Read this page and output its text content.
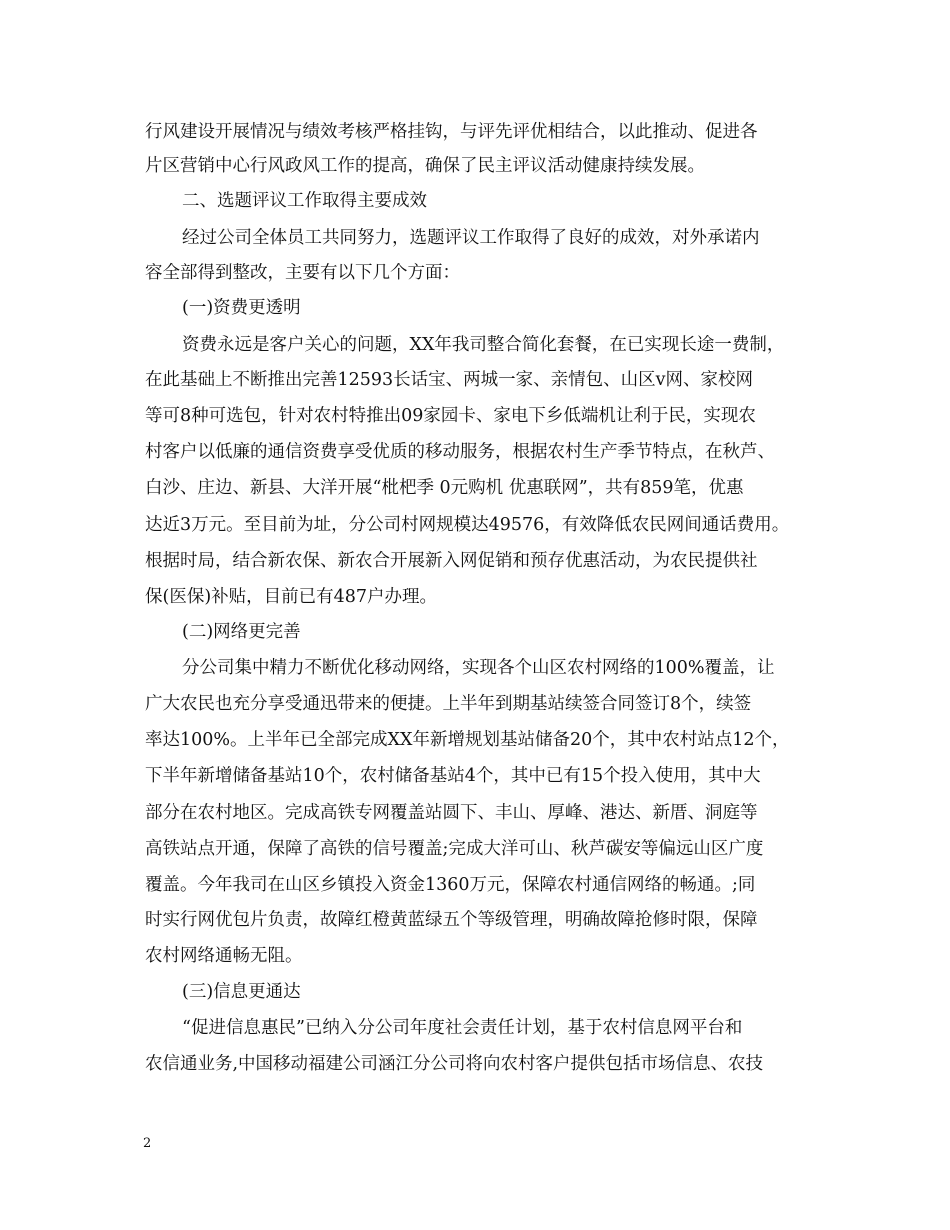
行风建设开展情况与绩效考核严格挂钩，与评先评优相结合，以此推动、促进各
片区营销中心行风政风工作的提高，确保了民主评议活动健康持续发展。
二、选题评议工作取得主要成效
经过公司全体员工共同努力，选题评议工作取得了良好的成效，对外承诺内
容全部得到整改，主要有以下几个方面：
(一)资费更透明
资费永远是客户关心的问题，XX年我司整合简化套餐，在已实现长途一费制，
在此基础上不断推出完善12593长话宝、两城一家、亲情包、山区v网、家校网
等可8种可选包，针对农村特推出09家园卡、家电下乡低端机让利于民，实现农
村客户以低廉的通信资费享受优质的移动服务，根据农村生产季节特点，在秋芦、
白沙、庄边、新县、大洋开展“枇杷季 0元购机 优惠联网”，共有859笔，优惠
达近3万元。至目前为址，分公司村网规模达49576，有效降低农民网间通话费用。
根据时局，结合新农保、新农合开展新入网促销和预存优惠活动，为农民提供社
保(医保)补贴，目前已有487户办理。
(二)网络更完善
分公司集中精力不断优化移动网络，实现各个山区农村网络的100%覆盖，让
广大农民也充分享受通迅带来的便捷。上半年到期基站续签合同签订8个，续签
率达100%。上半年已全部完成XX年新增规划基站储备20个，其中农村站点12个，
下半年新增储备基站10个，农村储备基站4个，其中已有15个投入使用，其中大
部分在农村地区。完成高铁专网覆盖站圆下、丰山、厚峰、港达、新厝、洞庭等
高铁站点开通，保障了高铁的信号覆盖;完成大洋可山、秋芦碳安等偏远山区广度
覆盖。今年我司在山区乡镇投入资金1360万元，保障农村通信网络的畅通。;同
时实行网优包片负责，故障红橙黄蓝绿五个等级管理，明确故障抢修时限，保障
农村网络通畅无阻。
(三)信息更通达
“促进信息惠民”已纳入分公司年度社会责任计划，基于农村信息网平台和
农信通业务,中国移动福建公司涵江分公司将向农村客户提供包括市场信息、农技
2
